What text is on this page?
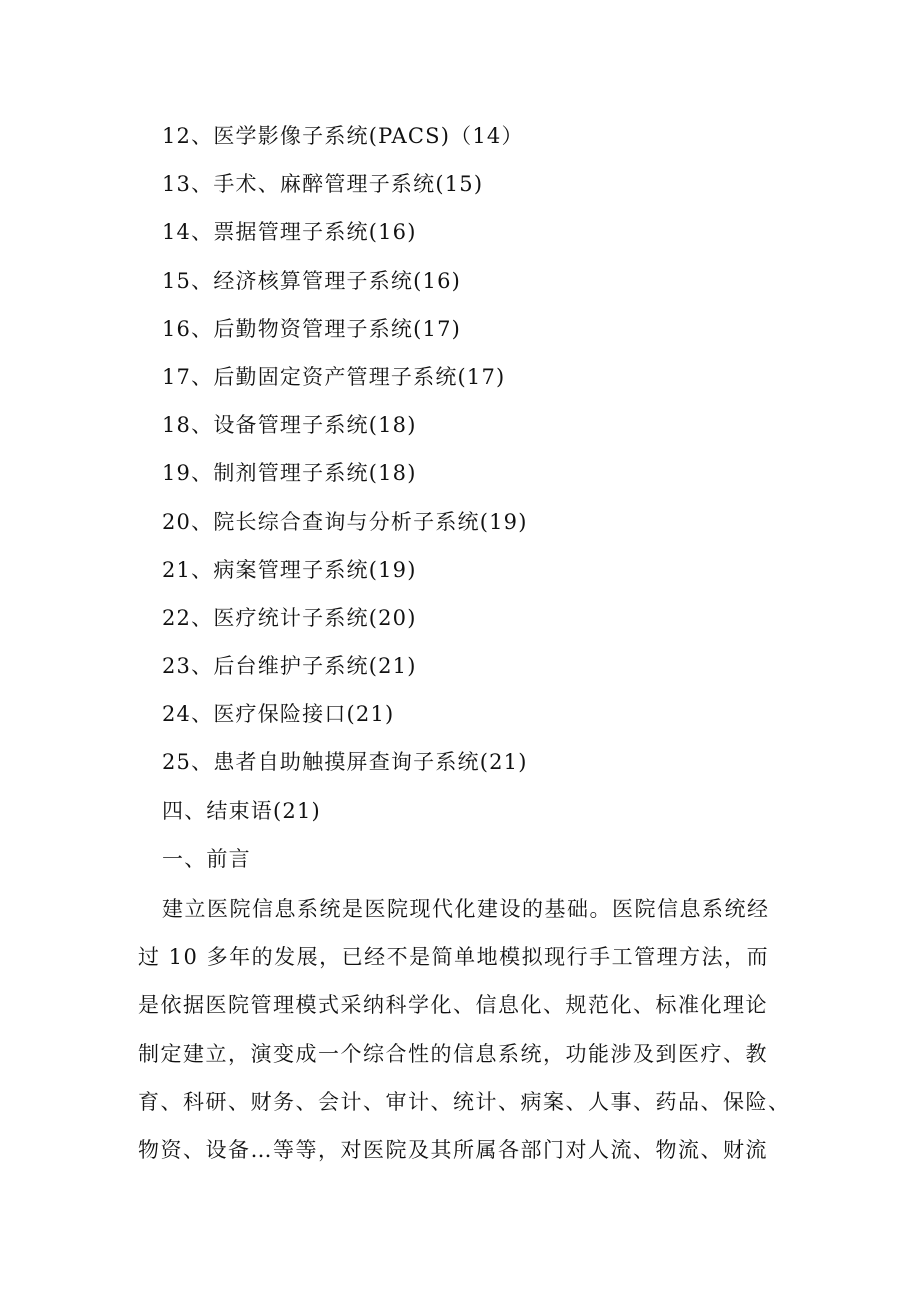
12、医学影像子系统(PACS)（14）
13、手术、麻醉管理子系统(15)
14、票据管理子系统(16)
15、经济核算管理子系统(16)
16、后勤物资管理子系统(17)
17、后勤固定资产管理子系统(17)
18、设备管理子系统(18)
19、制剂管理子系统(18)
20、院长综合查询与分析子系统(19)
21、病案管理子系统(19)
22、医疗统计子系统(20)
23、后台维护子系统(21)
24、医疗保险接口(21)
25、患者自助触摸屏查询子系统(21)
四、结束语(21)
一、前言
建立医院信息系统是医院现代化建设的基础。医院信息系统经
过 10 多年的发展，已经不是简单地模拟现行手工管理方法，而
是依据医院管理模式采纳科学化、信息化、规范化、标准化理论
制定建立，演变成一个综合性的信息系统，功能涉及到医疗、教
育、科研、财务、会计、审计、统计、病案、人事、药品、保险、
物资、设备…等等，对医院及其所属各部门对人流、物流、财流
